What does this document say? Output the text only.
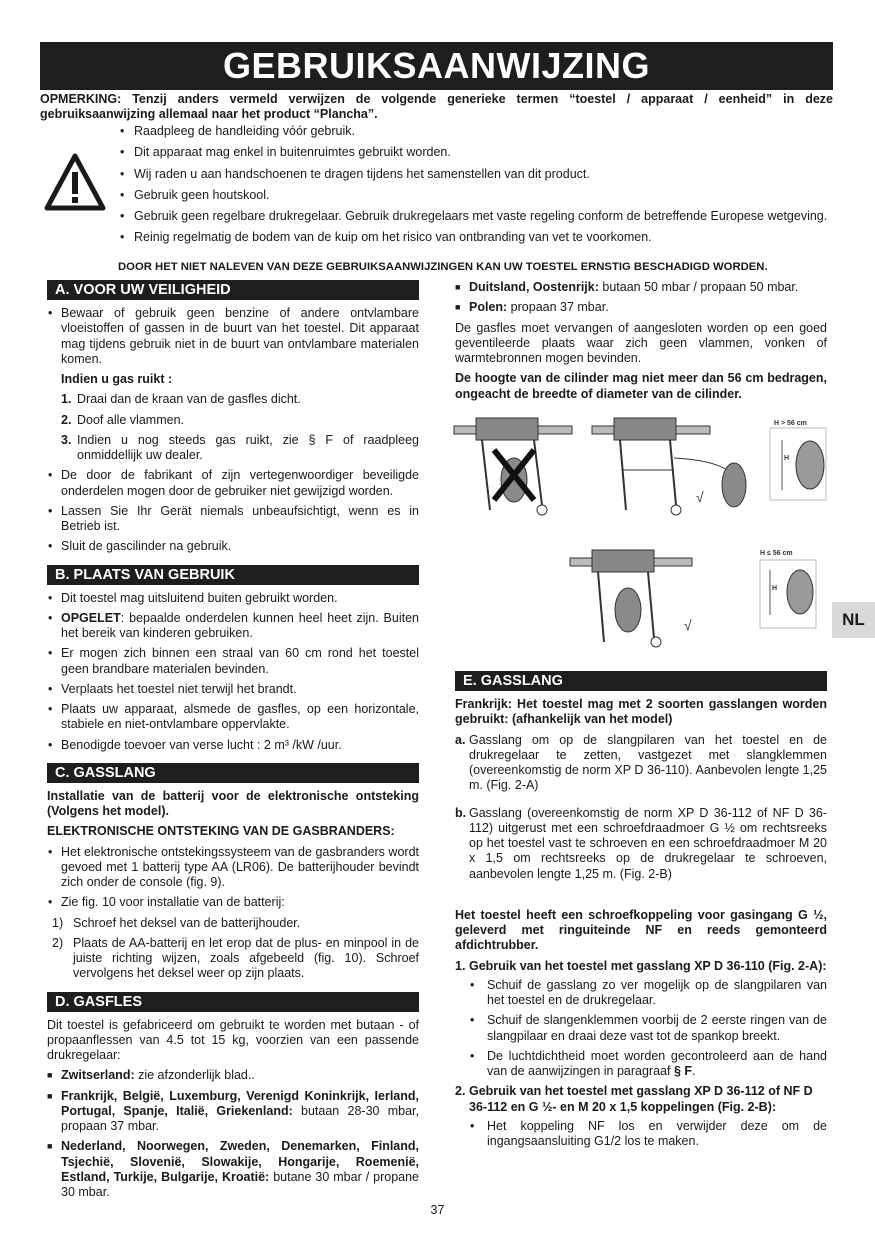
GEBRUIKSAANWIJZING
OPMERKING: Tenzij anders vermeld verwijzen de volgende generieke termen “toestel / apparaat / eenheid” in deze gebruiksaanwijzing allemaal naar het product “Plancha”.
• Raadpleeg de handleiding vóór gebruik.
• Dit apparaat mag enkel in buitenruimtes gebruikt worden.
• Wij raden u aan handschoenen te dragen tijdens het samenstellen van dit product.
• Gebruik geen houtskool.
• Gebruik geen regelbare drukregelaar. Gebruik drukregelaars met vaste regeling conform de betreffende Europese wetgeving.
• Reinig regelmatig de bodem van de kuip om het risico van ontbranding van vet te voorkomen.
DOOR HET NIET NALEVEN VAN DEZE GEBRUIKSAANWIJZINGEN KAN UW TOESTEL ERNSTIG BESCHADIGD WORDEN.
A. VOOR UW VEILIGHEID
• Bewaar of gebruik geen benzine of andere ontvlambare vloeistoffen of gassen in de buurt van het toestel. Dit apparaat mag tijdens gebruik niet in de buurt van ontvlambare materialen komen.
Indien u gas ruikt :
1. Draai dan de kraan van de gasfles dicht.
2. Doof alle vlammen.
3. Indien u nog steeds gas ruikt, zie § F of raadpleeg onmiddellijk uw dealer.
• De door de fabrikant of zijn vertegenwoordiger beveiligde onderdelen mogen door de gebruiker niet gewijzigd worden.
• Lassen Sie Ihr Gerät niemals unbeaufsichtigt, wenn es in Betrieb ist.
• Sluit de gascilinder na gebruik.
B. PLAATS VAN GEBRUIK
• Dit toestel mag uitsluitend buiten gebruikt worden.
• OPGELET: bepaalde onderdelen kunnen heel heet zijn. Buiten het bereik van kinderen gebruiken.
• Er mogen zich binnen een straal van 60 cm rond het toestel geen brandbare materialen bevinden.
• Verplaats het toestel niet terwijl het brandt.
• Plaats uw apparaat, alsmede de gasfles, op een horizontale, stabiele en niet-ontvlambare oppervlakte.
• Benodigde toevoer van verse lucht : 2 m³ /kW /uur.
C. GASSLANG
Installatie van de batterij voor de elektronische ontsteking (Volgens het model).
ELEKTRONISCHE ONTSTEKING VAN DE GASBRANDERS:
• Het elektronische ontstekingssysteem van de gasbranders wordt gevoed met 1 batterij type AA (LR06). De batterijhouder bevindt zich onder de console (fig. 9).
• Zie fig. 10 voor installatie van de batterij:
1) Schroef het deksel van de batterijhouder.
2) Plaats de AA-batterij en let erop dat de plus- en minpool in de juiste richting wijzen, zoals afgebeeld (fig. 10). Schroef vervolgens het deksel weer op zijn plaats.
D. GASFLES
Dit toestel is gefabriceerd om gebruikt te worden met butaan - of propaanflessen van 4.5 tot 15 kg, voorzien van een passende drukregelaar:
■ Zwitserland: zie afzonderlijk blad..
■ Frankrijk, België, Luxemburg, Verenigd Koninkrijk, Ierland, Portugal, Spanje, Italië, Griekenland: butaan 28-30 mbar, propaan 37 mbar.
■ Nederland, Noorwegen, Zweden, Denemarken, Finland, Tsjechië, Slovenië, Slowakije, Hongarije, Roemenië, Estland, Turkije, Bulgarije, Kroatië: butane 30 mbar / propane 30 mbar.
■ Duitsland, Oostenrijk: butaan 50 mbar / propaan 50 mbar.
■ Polen: propaan 37 mbar.
De gasfles moet vervangen of aangesloten worden op een goed geventileerde plaats waar zich geen vlammen, vonken of warmtebronnen mogen bevinden.
De hoogte van de cilinder mag niet meer dan 56 cm bedragen, ongeacht de breedte of diameter van de cilinder.
√
H > 56 cm
H
√
H ≤ 56 cm
H
NL
E. GASSLANG
Frankrijk: Het toestel mag met 2 soorten gasslangen worden gebruikt: (afhankelijk van het model)
a. Gasslang om op de slangpilaren van het toestel en de drukregelaar te zetten, vastgezet met slangklemmen (overeenkomstig de norm XP D 36-110). Aanbevolen lengte 1,25 m. (Fig. 2-A)
b. Gasslang (overeenkomstig de norm XP D 36-112 of NF D 36-112) uitgerust met een schroefdraadmoer G ½ om rechtsreeks op het toestel vast te schroeven en een schroefdraadmoer M 20 x 1,5 om rechtsreeks op de drukregelaar te schroeven, aanbevolen lengte 1,25 m. (Fig. 2-B)
Het toestel heeft een schroefkoppeling voor gasingang G ½, geleverd met ringuiteinde NF en reeds gemonteerd afdichtrubber.
1. Gebruik van het toestel met gasslang XP D 36-110 (Fig. 2-A):
• Schuif de gasslang zo ver mogelijk op de slangpilaren van het toestel en de drukregelaar.
• Schuif de slangenklemmen voorbij de 2 eerste ringen van de slangpilaar en draai deze vast tot de spankop breekt.
• De luchtdichtheid moet worden gecontroleerd aan de hand van de aanwijzingen in paragraaf § F.
2. Gebruik van het toestel met gasslang XP D 36-112 of NF D 36-112 en G ½- en M 20 x 1,5 koppelingen (Fig. 2-B):
• Het koppeling NF los en verwijder deze om de ingangsaansluiting G1/2 los te maken.
37
